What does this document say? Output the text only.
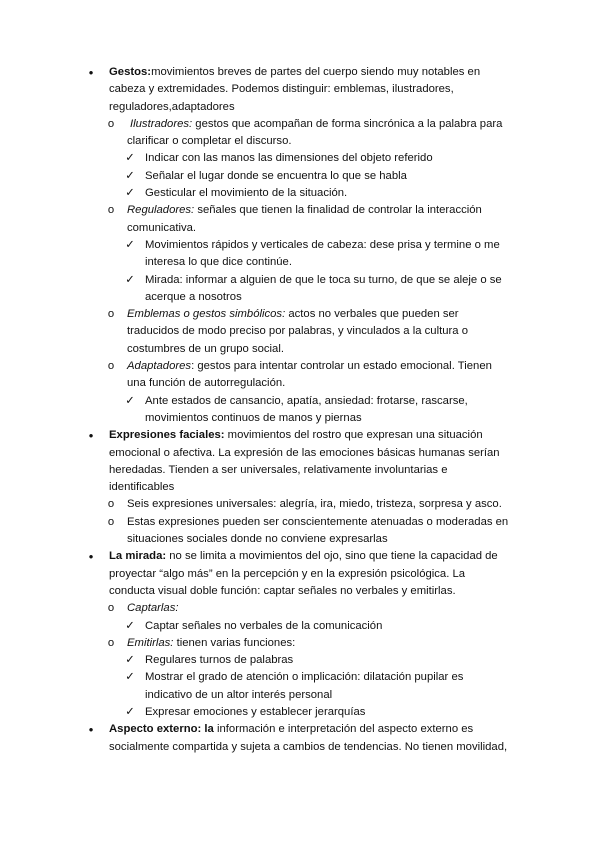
• Gestos:movimientos breves de partes del cuerpo siendo muy notables en
cabeza y extremidades. Podemos distinguir: emblemas, ilustradores,
reguladores,adaptadores
o Ilustradores: gestos que acompañan de forma sincrónica a la palabra para
clarificar o completar el discurso.
✓ Indicar con las manos las dimensiones del objeto referido
✓ Señalar el lugar donde se encuentra lo que se habla
✓ Gesticular el movimiento de la situación.
o Reguladores: señales que tienen la finalidad de controlar la interacción
comunicativa.
✓ Movimientos rápidos y verticales de cabeza: dese prisa y termine o me
interesa lo que dice continúe.
✓ Mirada: informar a alguien de que le toca su turno, de que se aleje o se
acerque a nosotros
o Emblemas o gestos simbólicos: actos no verbales que pueden ser
traducidos de modo preciso por palabras, y vinculados a la cultura o
costumbres de un grupo social.
o Adaptadores: gestos para intentar controlar un estado emocional. Tienen
una función de autorregulación.
✓ Ante estados de cansancio, apatía, ansiedad: frotarse, rascarse,
movimientos continuos de manos y piernas
• Expresiones faciales: movimientos del rostro que expresan una situación
emocional o afectiva. La expresión de las emociones básicas humanas serían
heredadas. Tienden a ser universales, relativamente involuntarias e
identificables
o Seis expresiones universales: alegría, ira, miedo, tristeza, sorpresa y asco.
o Estas expresiones pueden ser conscientemente atenuadas o moderadas en
situaciones sociales donde no conviene expresarlas
• La mirada: no se limita a movimientos del ojo, sino que tiene la capacidad de
proyectar “algo más” en la percepción y en la expresión psicológica. La
conducta visual doble función: captar señales no verbales y emitirlas.
o Captarlas:
✓ Captar señales no verbales de la comunicación
o Emitirlas: tienen varias funciones:
✓ Regulares turnos de palabras
✓ Mostrar el grado de atención o implicación: dilatación pupilar es
indicativo de un altor interés personal
✓ Expresar emociones y establecer jerarquías
• Aspecto externo: la información e interpretación del aspecto externo es
socialmente compartida y sujeta a cambios de tendencias. No tienen movilidad,
